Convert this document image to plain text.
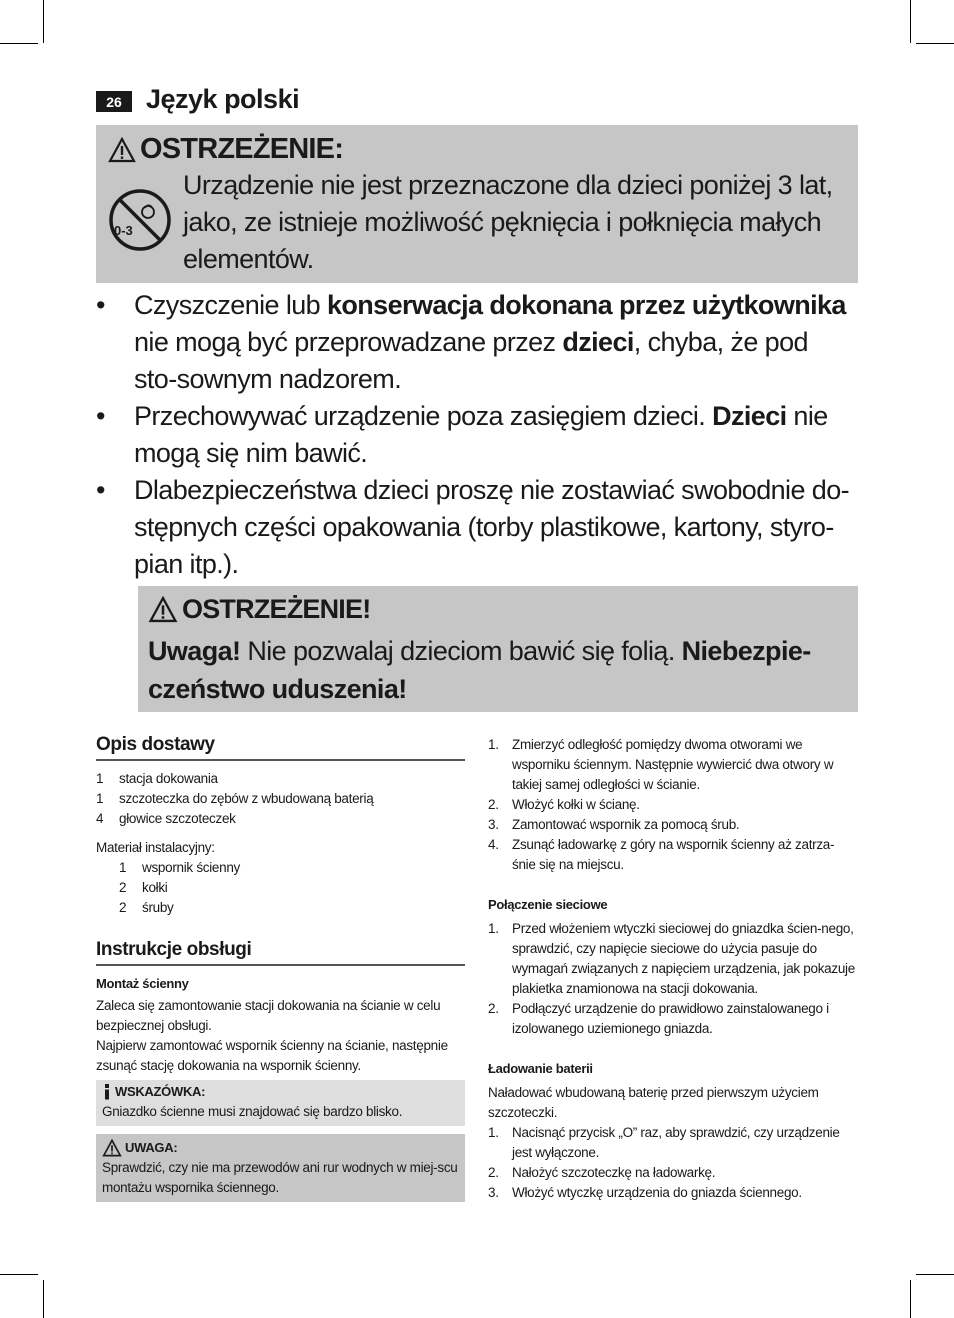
26 Język polski
OSTRZEŻENIE:
0-3
Urządzenie nie jest przeznaczone dla dzieci poniżej 3 lat, jako, ze istnieje możliwość pęknięcia i połknięcia małych elementów.
• Czyszczenie lub konserwacja dokonana przez użytkownika nie mogą być przeprowadzane przez dzieci, chyba, że pod sto-sownym nadzorem.
• Przechowywać urządzenie poza zasięgiem dzieci. Dzieci nie mogą się nim bawić.
• Dlabezpieczeństwa dzieci proszę nie zostawiać swobodnie do-stępnych części opakowania (torby plastikowe, kartony, styro-pian itp.).
OSTRZEŻENIE!
Uwaga! Nie pozwalaj dzieciom bawić się folią. Niebezpie-czeństwo uduszenia!
Opis dostawy
1	stacja dokowania
1	szczoteczka do zębów z wbudowaną baterią
4	głowice szczoteczek
Materiał instalacyjny:
1	wspornik ścienny
2	kołki
2	śruby
Instrukcje obsługi
Montaż ścienny
Zaleca się zamontowanie stacji dokowania na ścianie w celu bezpiecznej obsługi.
Najpierw zamontować wspornik ścienny na ścianie, następnie zsunąć stację dokowania na wspornik ścienny.
WSKAZÓWKA:
Gniazdko ścienne musi znajdować się bardzo blisko.
UWAGA:
Sprawdzić, czy nie ma przewodów ani rur wodnych w miej-scu montażu wspornika ściennego.
1. Zmierzyć odległość pomiędzy dwoma otworami we wsporniku ściennym. Następnie wywiercić dwa otwory w takiej samej odległości w ścianie.
2. Włożyć kołki w ścianę.
3. Zamontować wspornik za pomocą śrub.
4. Zsunąć ładowarkę z góry na wspornik ścienny aż zatrza-śnie się na miejscu.
Połączenie sieciowe
1. Przed włożeniem wtyczki sieciowej do gniazdka ścien-nego, sprawdzić, czy napięcie sieciowe do użycia pasuje do wymagań związanych z napięciem urządzenia, jak pokazuje plakietka znamionowa na stacji dokowania.
2. Podłączyć urządzenie do prawidłowo zainstalowanego i izolowanego uziemionego gniazda.
Ładowanie baterii
Naładować wbudowaną baterię przed pierwszym użyciem szczoteczki.
1. Nacisnąć przycisk „O” raz, aby sprawdzić, czy urządzenie jest wyłączone.
2. Nałożyć szczoteczkę na ładowarkę.
3. Włożyć wtyczkę urządzenia do gniazda ściennego.
